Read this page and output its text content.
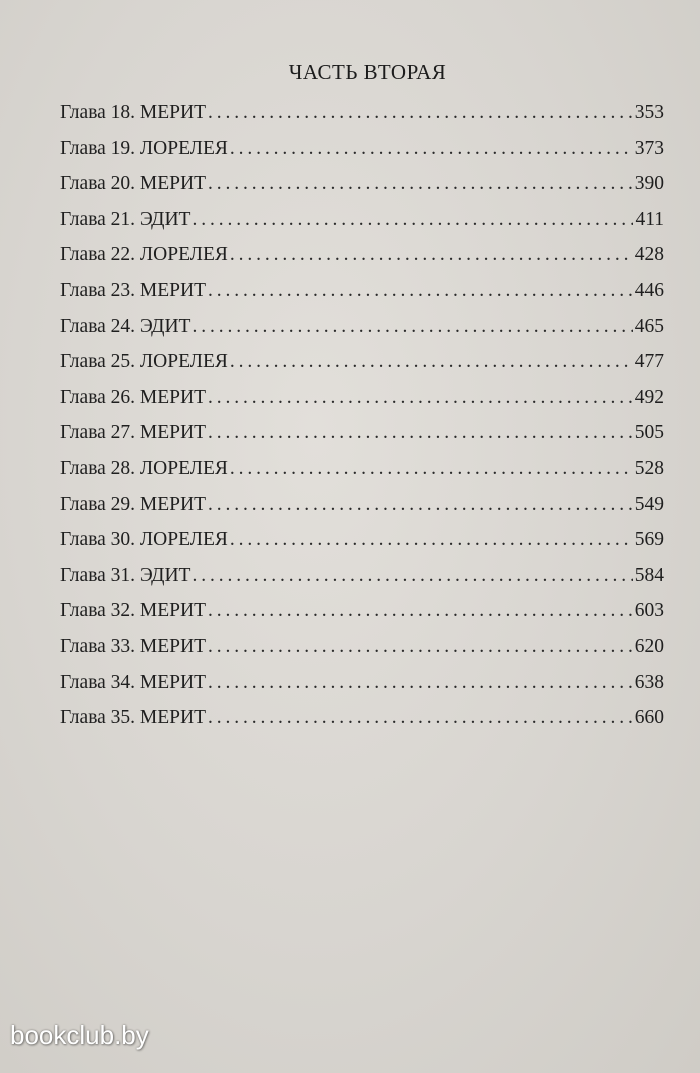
ЧАСТЬ ВТОРАЯ
Глава 18. МЕРИТ . . .	353
Глава 19. ЛОРЕЛЕЯ . . .	373
Глава 20. МЕРИТ . . .	390
Глава 21. ЭДИТ . . .	411
Глава 22. ЛОРЕЛЕЯ . . .	428
Глава 23. МЕРИТ . . .	446
Глава 24. ЭДИТ . . .	465
Глава 25. ЛОРЕЛЕЯ . . .	477
Глава 26. МЕРИТ . . .	492
Глава 27. МЕРИТ . . .	505
Глава 28. ЛОРЕЛЕЯ . . .	528
Глава 29. МЕРИТ . . .	549
Глава 30. ЛОРЕЛЕЯ . . .	569
Глава 31. ЭДИТ . . .	584
Глава 32. МЕРИТ . . .	603
Глава 33. МЕРИТ . . .	620
Глава 34. МЕРИТ . . .	638
Глава 35. МЕРИТ . . .	660
bookclub.by
